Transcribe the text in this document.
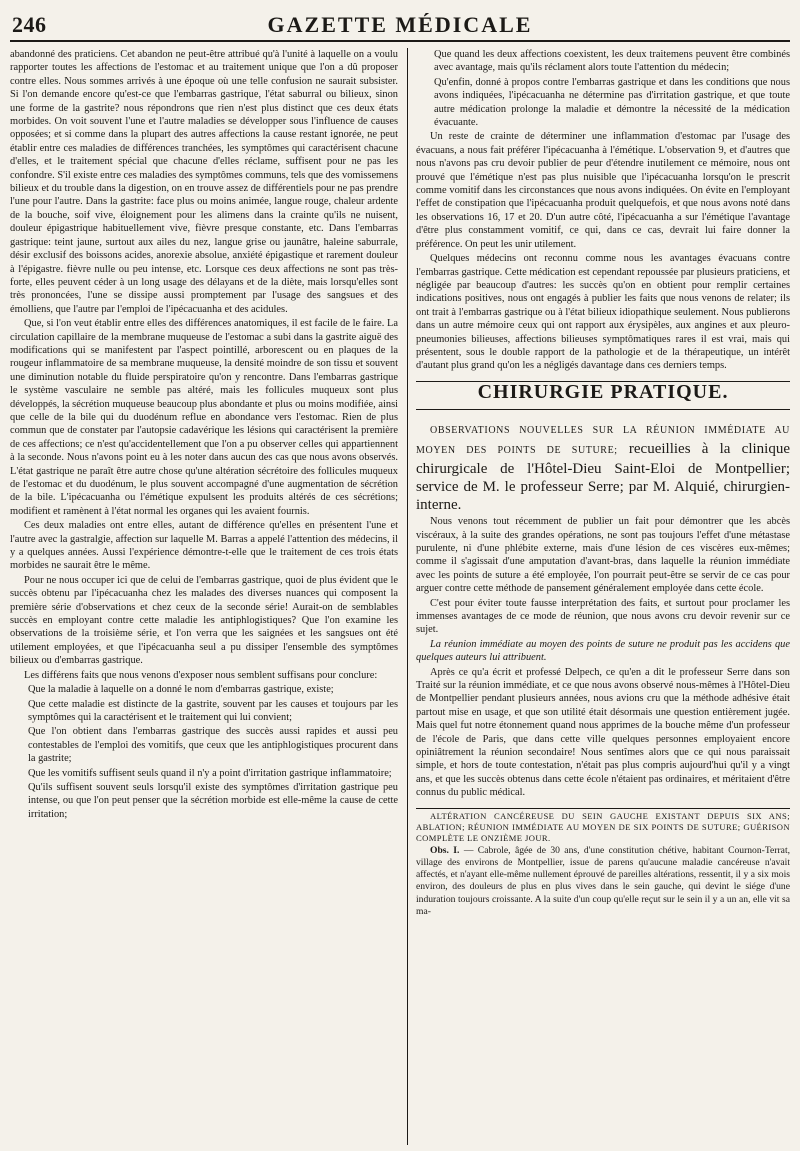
246	GAZETTE MÉDICALE

abandonné des praticiens. Cet abandon ne peut-être attribué qu'à l'unité à laquelle on a voulu rapporter toutes les affections de l'estomac et au traitement unique que l'on a dû proposer contre elles. Nous sommes arrivés à une époque où une telle confusion ne saurait subsister. Si l'on demande encore qu'est-ce que l'embarras gastrique, l'état saburral ou bilieux, sinon une forme de la gastrite? nous répondrons que rien n'est plus distinct que ces deux états morbides. On voit souvent l'une et l'autre maladies se développer sous l'influence de causes opposées; et si comme dans la plupart des autres affections la cause restant ignorée, ne peut établir entre ces maladies de différences tranchées, les symptômes qui caractérisent chacune d'elles, et le traitement spécial que chacune d'elles réclame, suffisent pour ne pas les confondre. S'il existe entre ces maladies des symptômes communs, tels que des vomissemens bilieux et du trouble dans la digestion, on en trouve assez de différentiels pour ne pas prendre l'une pour l'autre. Dans la gastrite: face plus ou moins animée, langue rouge, chaleur ardente de la bouche, soif vive, éloignement pour les alimens dans la crainte qu'ils ne nuisent, douleur épigastrique habituellement vive, fièvre presque constante, etc. Dans l'embarras gastrique: teint jaune, surtout aux ailes du nez, langue grise ou jaunâtre, haleine saburrale, désir exclusif des boissons acides, anorexie absolue, anxiété épigastique et rarement douleur à l'épigastre. fièvre nulle ou peu intense, etc. Lorsque ces deux affections ne sont pas très-forte, elles peuvent céder à un long usage des délayans et de la diète, mais lorsqu'elles sont très prononcées, l'une se dissipe aussi promptement par l'usage des sangsues et des émolliens, que l'autre par l'emploi de l'ipécacuanha et des acidules.

Que, si l'on veut établir entre elles des différences anatomiques, il est facile de le faire. La circulation capillaire de la membrane muqueuse de l'estomac a subi dans la gastrite aiguë des modifications qui se manifestent par l'aspect pointillé, arborescent ou en plaques de la rougeur inflammatoire de sa membrane muqueuse, la densité moindre de son tissu et souvent une diminution notable du fluide perspiratoire qu'on y rencontre. Dans l'embarras gastrique le système vasculaire ne semble pas altéré, mais les follicules muqueux sont plus développés, la sécrétion muqueuse beaucoup plus abondante et plus ou moins modifiée, ainsi que celle de la bile qui du duodénum reflue en abondance vers l'estomac. Rien de plus commun que de constater par l'autopsie cadavérique les lésions qui caractérisent la première de ces affections; ce n'est qu'accidentellement que l'on a pu observer celles qui appartiennent à la seconde. Nous n'avons point eu à les noter dans aucun des cas que nous avons observés. L'état gastrique ne paraît être autre chose qu'une altération sécrétoire des follicules muqueux de l'estomac et du duodénum, le plus souvent accompagné d'une augmentation de sécrétion de la bile. L'ipécacuanha ou l'émétique expulsent les produits altérés de ces sécrétions; modifient et ramènent à l'état normal les organes qui les avaient fournis.

Ces deux maladies ont entre elles, autant de différence qu'elles en présentent l'une et l'autre avec la gastralgie, affection sur laquelle M. Barras a appelé l'attention des médecins, il y a quelques années. Aussi l'expérience démontre-t-elle que le traitement de ces trois états morbides ne saurait être le même.

Pour ne nous occuper ici que de celui de l'embarras gastrique, quoi de plus évident que le succès obtenu par l'ipécacuanha chez les malades des diverses nuances qui composent la première série d'observations et chez ceux de la seconde série! Aurait-on de semblables succès en employant contre cette maladie les antiphlogistiques? Que l'on examine les observations de la troisième série, et l'on verra que les saignées et les sangsues ont été utilement employées, et que l'ipécacuanha seul a pu dissiper l'ensemble des symptômes bilieux ou d'embarras gastrique.

Les différens faits que nous venons d'exposer nous semblent suffisans pour conclure:

Que la maladie à laquelle on a donné le nom d'embarras gastrique, existe;

Que cette maladie est distincte de la gastrite, souvent par les causes et toujours par les symptômes qui la caractérisent et le traitement qui lui convient;

Que l'on obtient dans l'embarras gastrique des succès aussi rapides et aussi peu contestables de l'emploi des vomitifs, que ceux que les antiphlogistiques procurent dans la gastrite;

Que les vomitifs suffisent seuls quand il n'y a point d'irritation gastrique inflammatoire;

Qu'ils suffisent souvent seuls lorsqu'il existe des symptômes d'irritation gastrique peu intense, ou que l'on peut penser que la sécrétion morbide est elle-même la cause de cette irritation;

Que quand les deux affections coexistent, les deux traitemens peuvent être combinés avec avantage, mais qu'ils réclament alors toute l'attention du médecin;

Qu'enfin, donné à propos contre l'embarras gastrique et dans les conditions que nous avons indiquées, l'ipécacuanha ne détermine pas d'irritation gastrique, et que toute autre médication prolonge la maladie et démontre la nécessité de la médication évacuante.

Un reste de crainte de déterminer une inflammation d'estomac par l'usage des évacuans, a nous fait préférer l'ipécacuanha à l'émétique. L'observation 9, et d'autres que nous n'avons pas cru devoir publier de peur d'étendre inutilement ce mémoire, nous ont prouvé que l'émétique n'est pas plus nuisible que l'ipécacuanha lorsqu'on le prescrit comme vomitif dans les circonstances que nous avons indiquées. On évite en l'employant l'effet de constipation que l'ipécacuanha produit quelquefois, et que nous avons noté dans les observations 16, 17 et 20. D'un autre côté, l'ipécacuanha a sur l'émétique l'avantage d'être plus constamment vomitif, ce qui, dans ce cas, devrait lui faire donner la préférence. On peut les unir utilement.

Quelques médecins ont reconnu comme nous les avantages évacuans contre l'embarras gastrique. Cette médication est cependant repoussée par plusieurs praticiens, et négligée par beaucoup d'autres: les succès qu'on en obtient pour remplir certaines indications positives, nous ont engagés à publier les faits que nous venons de relater; ils ont trait à l'embarras gastrique ou à l'état bilieux idiopathique seulement. Nous publierons dans un autre mémoire ceux qui ont rapport aux érysipèles, aux angines et aux pleuro-pneumonies bilieuses, affections bilieuses symptômatiques rares il est vrai, mais qui présentent, sous le double rapport de la pathologie et de la thérapeutique, un intérêt d'autant plus grand qu'on les a négligés davantage dans ces derniers temps.

CHIRURGIE PRATIQUE.

OBSERVATIONS NOUVELLES SUR LA RÉUNION IMMÉDIATE AU MOYEN DES POINTS DE SUTURE; recueillies à la clinique chirurgicale de l'Hôtel-Dieu Saint-Eloi de Montpellier; service de M. le professeur Serre; par M. Alquié, chirurgien-interne.

Nous venons tout récemment de publier un fait pour démontrer que les abcès viscéraux, à la suite des grandes opérations, ne sont pas toujours l'effet d'une métastase purulente, ni d'une phlébite externe, mais d'une lésion de ces viscères eux-mêmes; comme il s'agissait d'une amputation d'avant-bras, dans laquelle la réunion immédiate avec les points de suture a été employée, l'on pourrait peut-être se servir de ce cas pour arguer contre cette méthode de pansement généralement employée dans cette école.

C'est pour éviter toute fausse interprétation des faits, et surtout pour proclamer les immenses avantages de ce mode de réunion, que nous avons cru devoir revenir sur ce sujet.

La réunion immédiate au moyen des points de suture ne produit pas les accidens que quelques auteurs lui attribuent.

Après ce qu'a écrit et professé Delpech, ce qu'en a dit le professeur Serre dans son Traité sur la réunion immédiate, et ce que nous avons observé nous-mêmes à l'Hôtel-Dieu de Montpellier pendant plusieurs années, nous avions cru que la méthode adhésive était partout mise en usage, et que son utilité était désormais une question entièrement jugée. Mais quel fut notre étonnement quand nous apprimes de la bouche même d'un professeur de l'école de Paris, que dans cette ville quelques personnes employaient encore opiniâtrement la réunion secondaire! Nous sentîmes alors que ce qui nous paraissait simple, et hors de toute contestation, n'était pas plus compris aujourd'hui qu'il y a vingt ans, et que les succès obtenus dans cette école n'étaient pas ordinaires, et méritaient d'être connus du public médical.

ALTÉRATION CANCÉREUSE DU SEIN GAUCHE EXISTANT DEPUIS SIX ANS; ABLATION; RÉUNION IMMÉDIATE AU MOYEN DE SIX POINTS DE SUTURE; GUÉRISON COMPLÈTE LE ONZIÈME JOUR.

Obs. I. — Cabrole, âgée de 30 ans, d'une constitution chétive, habitant Cournon-Terrat, village des environs de Montpellier, issue de parens qu'aucune maladie cancéreuse n'avait affectés, et n'ayant elle-même nullement éprouvé de pareilles altérations, ressentit, il y a six mois environ, des douleurs de plus en plus vives dans le sein gauche, qui devint le siége d'une induration toujours croissante. A la suite d'un coup qu'elle reçut sur le sein il y a un an, elle vit sa ma-
